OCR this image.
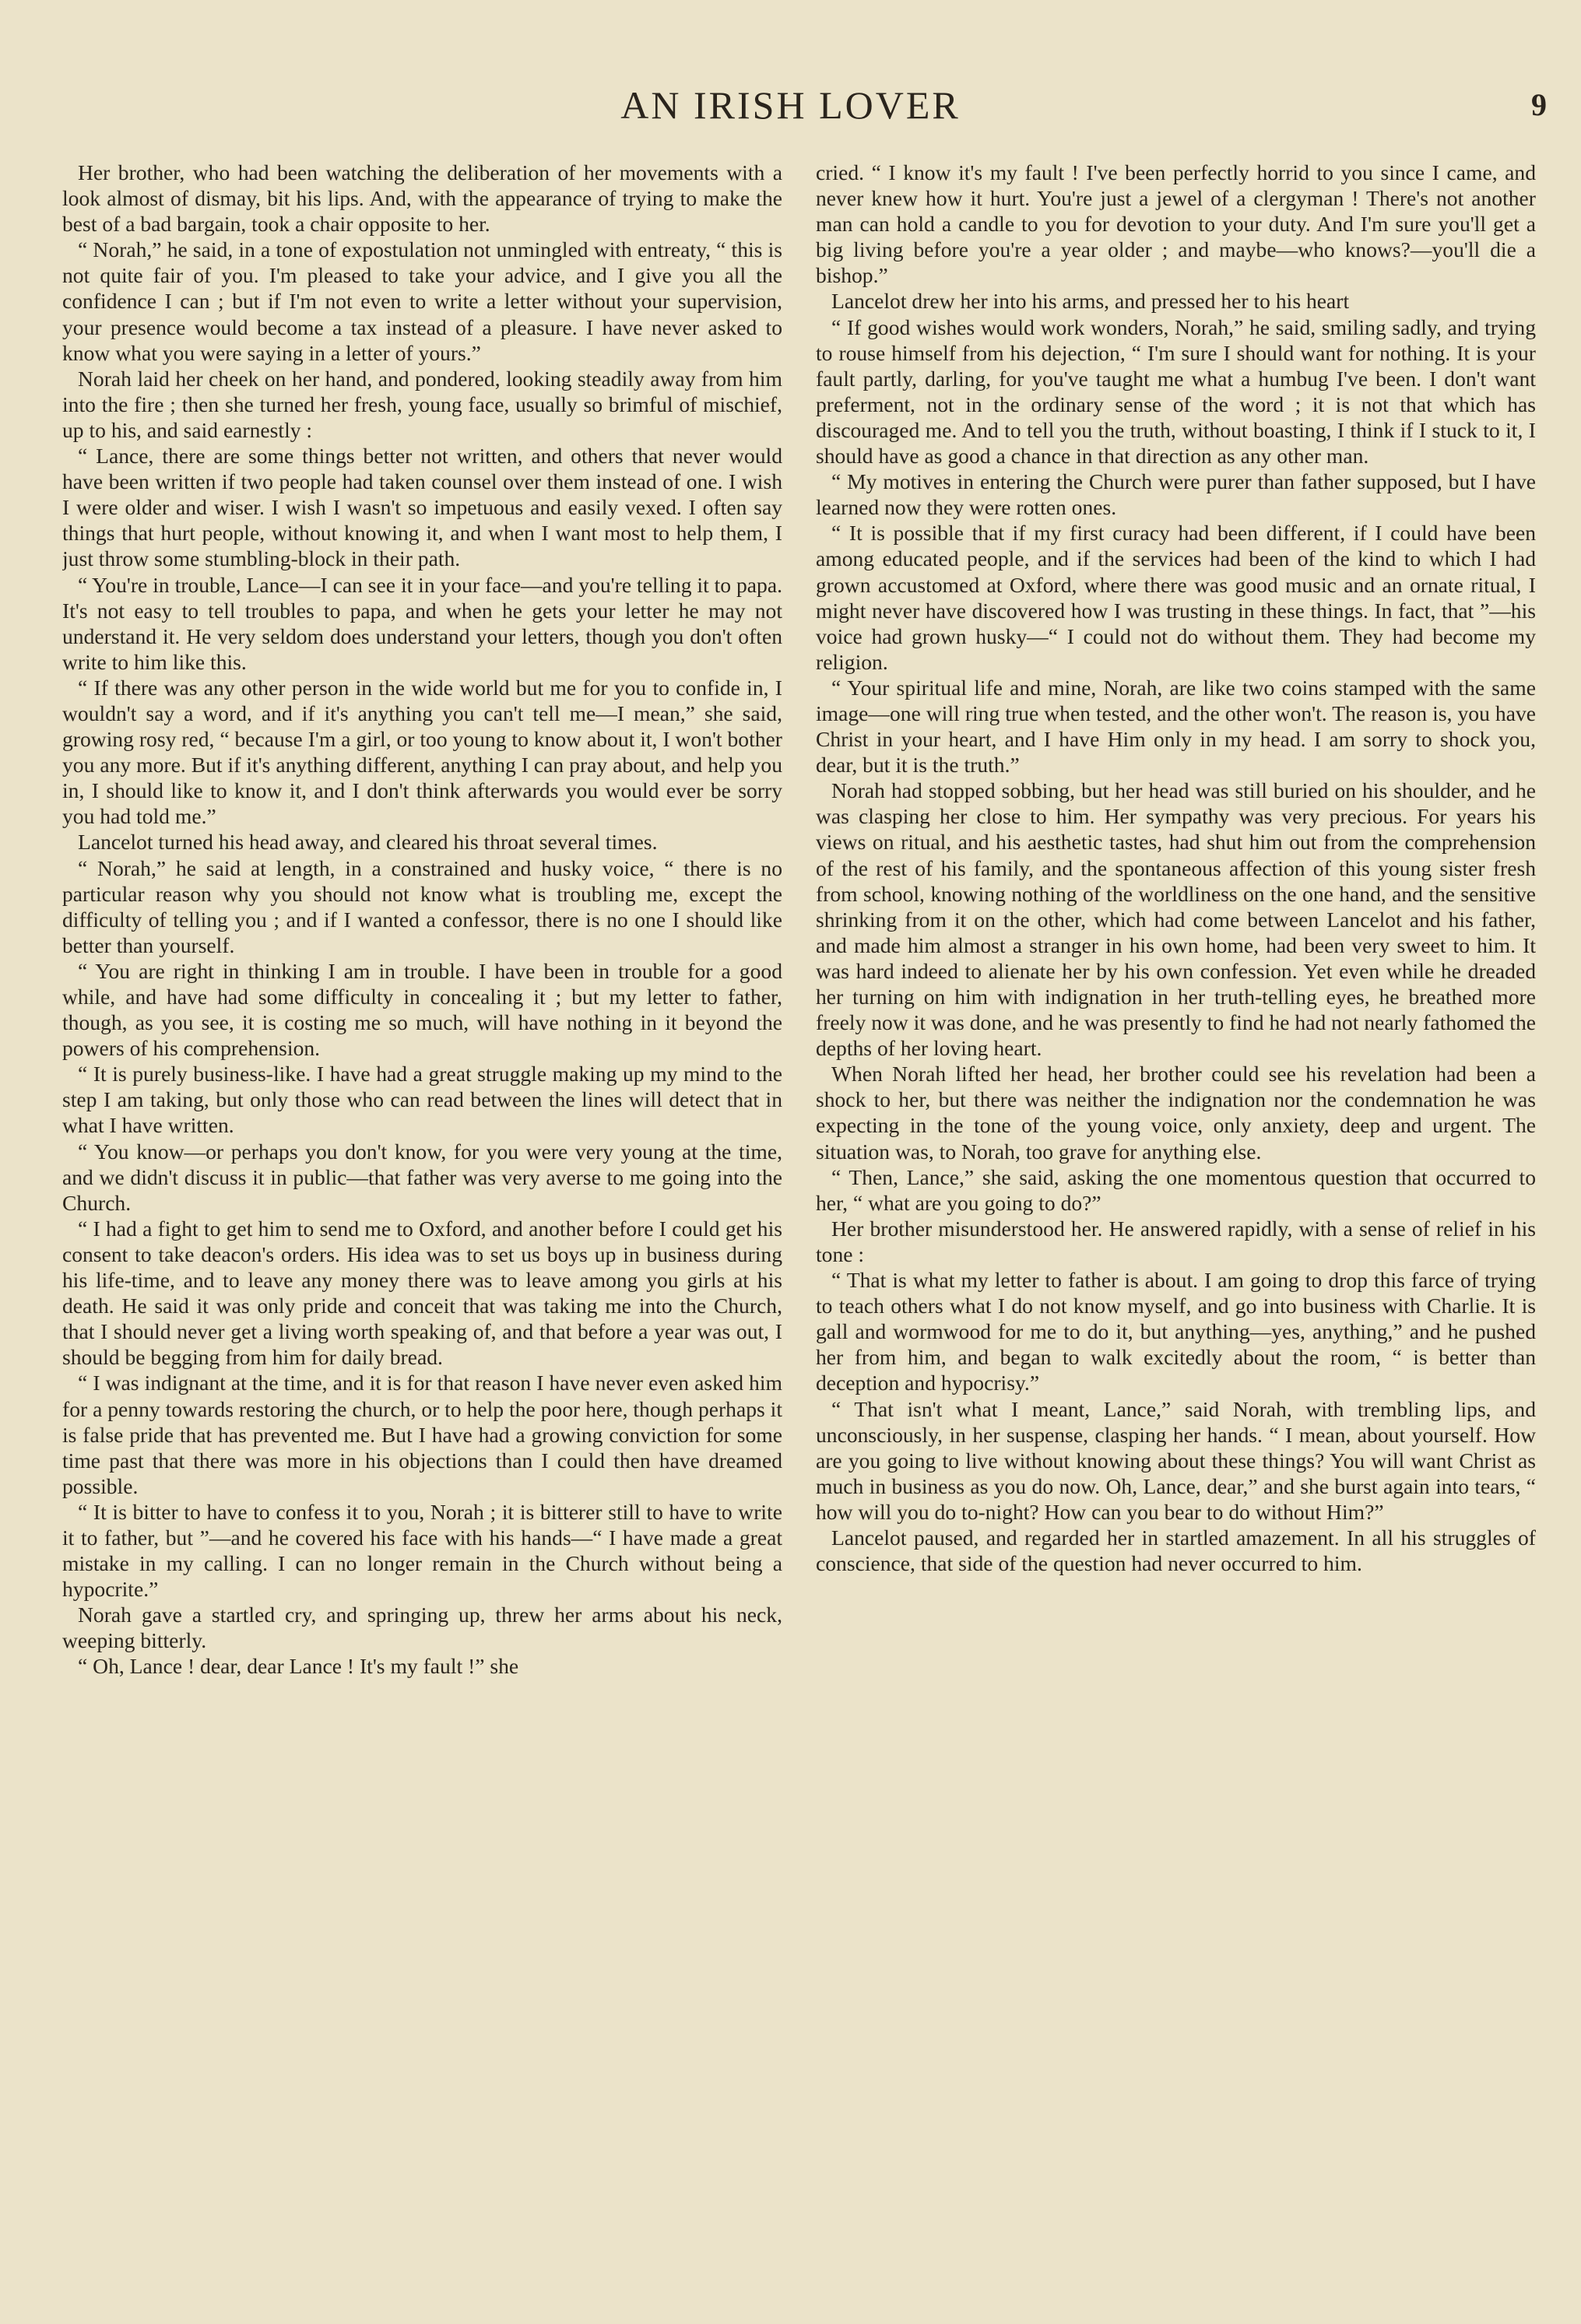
AN IRISH LOVER	9

Her brother, who had been watching the deliberation of her movements with a look almost of dismay, bit his lips. And, with the appearance of trying to make the best of a bad bargain, took a chair opposite to her.

“ Norah,” he said, in a tone of expostulation not unmingled with entreaty, “ this is not quite fair of you. I'm pleased to take your advice, and I give you all the confidence I can ; but if I'm not even to write a letter without your supervision, your presence would become a tax instead of a pleasure. I have never asked to know what you were saying in a letter of yours.”

Norah laid her cheek on her hand, and pondered, looking steadily away from him into the fire ; then she turned her fresh, young face, usually so brimful of mischief, up to his, and said earnestly :

“ Lance, there are some things better not written, and others that never would have been written if two people had taken counsel over them instead of one. I wish I were older and wiser. I wish I wasn't so impetuous and easily vexed. I often say things that hurt people, without knowing it, and when I want most to help them, I just throw some stumbling-block in their path.

“ You're in trouble, Lance—I can see it in your face—and you're telling it to papa. It's not easy to tell troubles to papa, and when he gets your letter he may not understand it. He very seldom does understand your letters, though you don't often write to him like this.

“ If there was any other person in the wide world but me for you to confide in, I wouldn't say a word, and if it's anything you can't tell me—I mean,” she said, growing rosy red, “ because I'm a girl, or too young to know about it, I won't bother you any more. But if it's anything different, anything I can pray about, and help you in, I should like to know it, and I don't think afterwards you would ever be sorry you had told me.”

Lancelot turned his head away, and cleared his throat several times.

“ Norah,” he said at length, in a constrained and husky voice, “ there is no particular reason why you should not know what is troubling me, except the difficulty of telling you ; and if I wanted a confessor, there is no one I should like better than yourself.

“ You are right in thinking I am in trouble. I have been in trouble for a good while, and have had some difficulty in concealing it ; but my letter to father, though, as you see, it is costing me so much, will have nothing in it beyond the powers of his comprehension.

“ It is purely business-like. I have had a great struggle making up my mind to the step I am taking, but only those who can read between the lines will detect that in what I have written.

“ You know—or perhaps you don't know, for you were very young at the time, and we didn't discuss it in public—that father was very averse to me going into the Church.

“ I had a fight to get him to send me to Oxford, and another before I could get his consent to take deacon's orders. His idea was to set us boys up in business during his life-time, and to leave any money there was to leave among you girls at his death. He said it was only pride and conceit that was taking me into the Church, that I should never get a living worth speaking of, and that before a year was out, I should be begging from him for daily bread.

“ I was indignant at the time, and it is for that reason I have never even asked him for a penny towards restoring the church, or to help the poor here, though perhaps it is false pride that has prevented me. But I have had a growing conviction for some time past that there was more in his objections than I could then have dreamed possible.

“ It is bitter to have to confess it to you, Norah ; it is bitterer still to have to write it to father, but ”—and he covered his face with his hands—“ I have made a great mistake in my calling. I can no longer remain in the Church without being a hypocrite.”

Norah gave a startled cry, and springing up, threw her arms about his neck, weeping bitterly.

“ Oh, Lance ! dear, dear Lance ! It's my fault !” she

cried. “ I know it's my fault ! I've been perfectly horrid to you since I came, and never knew how it hurt. You're just a jewel of a clergyman ! There's not another man can hold a candle to you for devotion to your duty. And I'm sure you'll get a big living before you're a year older ; and maybe—who knows?—you'll die a bishop.”

Lancelot drew her into his arms, and pressed her to his heart

“ If good wishes would work wonders, Norah,” he said, smiling sadly, and trying to rouse himself from his dejection, “ I'm sure I should want for nothing. It is your fault partly, darling, for you've taught me what a humbug I've been. I don't want preferment, not in the ordinary sense of the word ; it is not that which has discouraged me. And to tell you the truth, without boasting, I think if I stuck to it, I should have as good a chance in that direction as any other man.

“ My motives in entering the Church were purer than father supposed, but I have learned now they were rotten ones.

“ It is possible that if my first curacy had been different, if I could have been among educated people, and if the services had been of the kind to which I had grown accustomed at Oxford, where there was good music and an ornate ritual, I might never have discovered how I was trusting in these things. In fact, that ”—his voice had grown husky—“ I could not do without them. They had become my religion.

“ Your spiritual life and mine, Norah, are like two coins stamped with the same image—one will ring true when tested, and the other won't. The reason is, you have Christ in your heart, and I have Him only in my head. I am sorry to shock you, dear, but it is the truth.”

Norah had stopped sobbing, but her head was still buried on his shoulder, and he was clasping her close to him. Her sympathy was very precious. For years his views on ritual, and his aesthetic tastes, had shut him out from the comprehension of the rest of his family, and the spontaneous affection of this young sister fresh from school, knowing nothing of the worldliness on the one hand, and the sensitive shrinking from it on the other, which had come between Lancelot and his father, and made him almost a stranger in his own home, had been very sweet to him. It was hard indeed to alienate her by his own confession. Yet even while he dreaded her turning on him with indignation in her truth-telling eyes, he breathed more freely now it was done, and he was presently to find he had not nearly fathomed the depths of her loving heart.

When Norah lifted her head, her brother could see his revelation had been a shock to her, but there was neither the indignation nor the condemnation he was expecting in the tone of the young voice, only anxiety, deep and urgent. The situation was, to Norah, too grave for anything else.

“ Then, Lance,” she said, asking the one momentous question that occurred to her, “ what are you going to do?”

Her brother misunderstood her. He answered rapidly, with a sense of relief in his tone :

“ That is what my letter to father is about. I am going to drop this farce of trying to teach others what I do not know myself, and go into business with Charlie. It is gall and wormwood for me to do it, but anything—yes, anything,” and he pushed her from him, and began to walk excitedly about the room, “ is better than deception and hypocrisy.”

“ That isn't what I meant, Lance,” said Norah, with trembling lips, and unconsciously, in her suspense, clasping her hands. “ I mean, about yourself. How are you going to live without knowing about these things? You will want Christ as much in business as you do now. Oh, Lance, dear,” and she burst again into tears, “ how will you do to-night? How can you bear to do without Him?”

Lancelot paused, and regarded her in startled amazement. In all his struggles of conscience, that side of the question had never occurred to him.
